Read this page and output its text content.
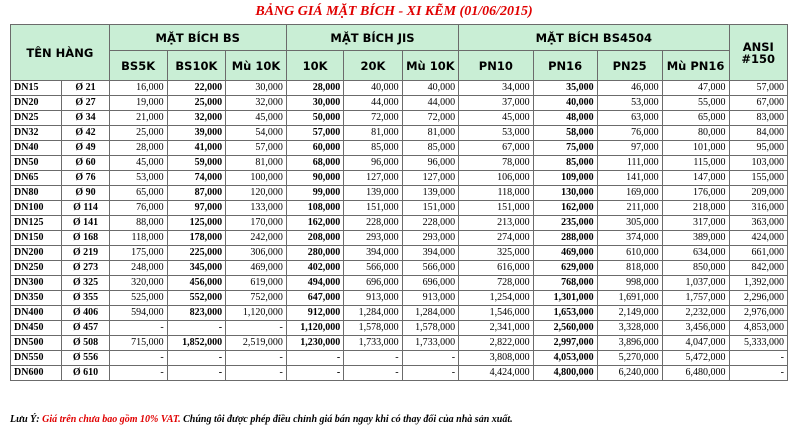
BẢNG GIÁ MẶT BÍCH - XI KẼM (01/06/2015)
TÊN HÀNG		MẶT BÍCH BS			MẶT BÍCH JIS			MẶT BÍCH BS4504				ANSI #150
		BS5K	BS10K	Mù 10K	10K	20K	Mù 10K	PN10	PN16	PN25	Mù PN16	
DN15	Ø 21	16,000	22,000	30,000	28,000	40,000	40,000	34,000	35,000	46,000	47,000	57,000
DN20	Ø 27	19,000	25,000	32,000	30,000	44,000	44,000	37,000	40,000	53,000	55,000	67,000
DN25	Ø 34	21,000	32,000	45,000	50,000	72,000	72,000	45,000	48,000	63,000	65,000	83,000
DN32	Ø 42	25,000	39,000	54,000	57,000	81,000	81,000	53,000	58,000	76,000	80,000	84,000
DN40	Ø 49	28,000	41,000	57,000	60,000	85,000	85,000	67,000	75,000	97,000	101,000	95,000
DN50	Ø 60	45,000	59,000	81,000	68,000	96,000	96,000	78,000	85,000	111,000	115,000	103,000
DN65	Ø 76	53,000	74,000	100,000	90,000	127,000	127,000	106,000	109,000	141,000	147,000	155,000
DN80	Ø 90	65,000	87,000	120,000	99,000	139,000	139,000	118,000	130,000	169,000	176,000	209,000
DN100	Ø 114	76,000	97,000	133,000	108,000	151,000	151,000	151,000	162,000	211,000	218,000	316,000
DN125	Ø 141	88,000	125,000	170,000	162,000	228,000	228,000	213,000	235,000	305,000	317,000	363,000
DN150	Ø 168	118,000	178,000	242,000	208,000	293,000	293,000	274,000	288,000	374,000	389,000	424,000
DN200	Ø 219	175,000	225,000	306,000	280,000	394,000	394,000	325,000	469,000	610,000	634,000	661,000
DN250	Ø 273	248,000	345,000	469,000	402,000	566,000	566,000	616,000	629,000	818,000	850,000	842,000
DN300	Ø 325	320,000	456,000	619,000	494,000	696,000	696,000	728,000	768,000	998,000	1,037,000	1,392,000
DN350	Ø 355	525,000	552,000	752,000	647,000	913,000	913,000	1,254,000	1,301,000	1,691,000	1,757,000	2,296,000
DN400	Ø 406	594,000	823,000	1,120,000	912,000	1,284,000	1,284,000	1,546,000	1,653,000	2,149,000	2,232,000	2,976,000
DN450	Ø 457	-	-	-	1,120,000	1,578,000	1,578,000	2,341,000	2,560,000	3,328,000	3,456,000	4,853,000
DN500	Ø 508	715,000	1,852,000	2,519,000	1,230,000	1,733,000	1,733,000	2,822,000	2,997,000	3,896,000	4,047,000	5,333,000
DN550	Ø 556	-	-	-	-	-	-	3,808,000	4,053,000	5,270,000	5,472,000	-
DN600	Ø 610	-	-	-	-	-	-	4,424,000	4,800,000	6,240,000	6,480,000	-
Lưu Ý: Giá trên chưa bao gồm 10% VAT. Chúng tôi được phép điều chỉnh giá bán ngay khi có thay đổi của nhà sản xuất.
